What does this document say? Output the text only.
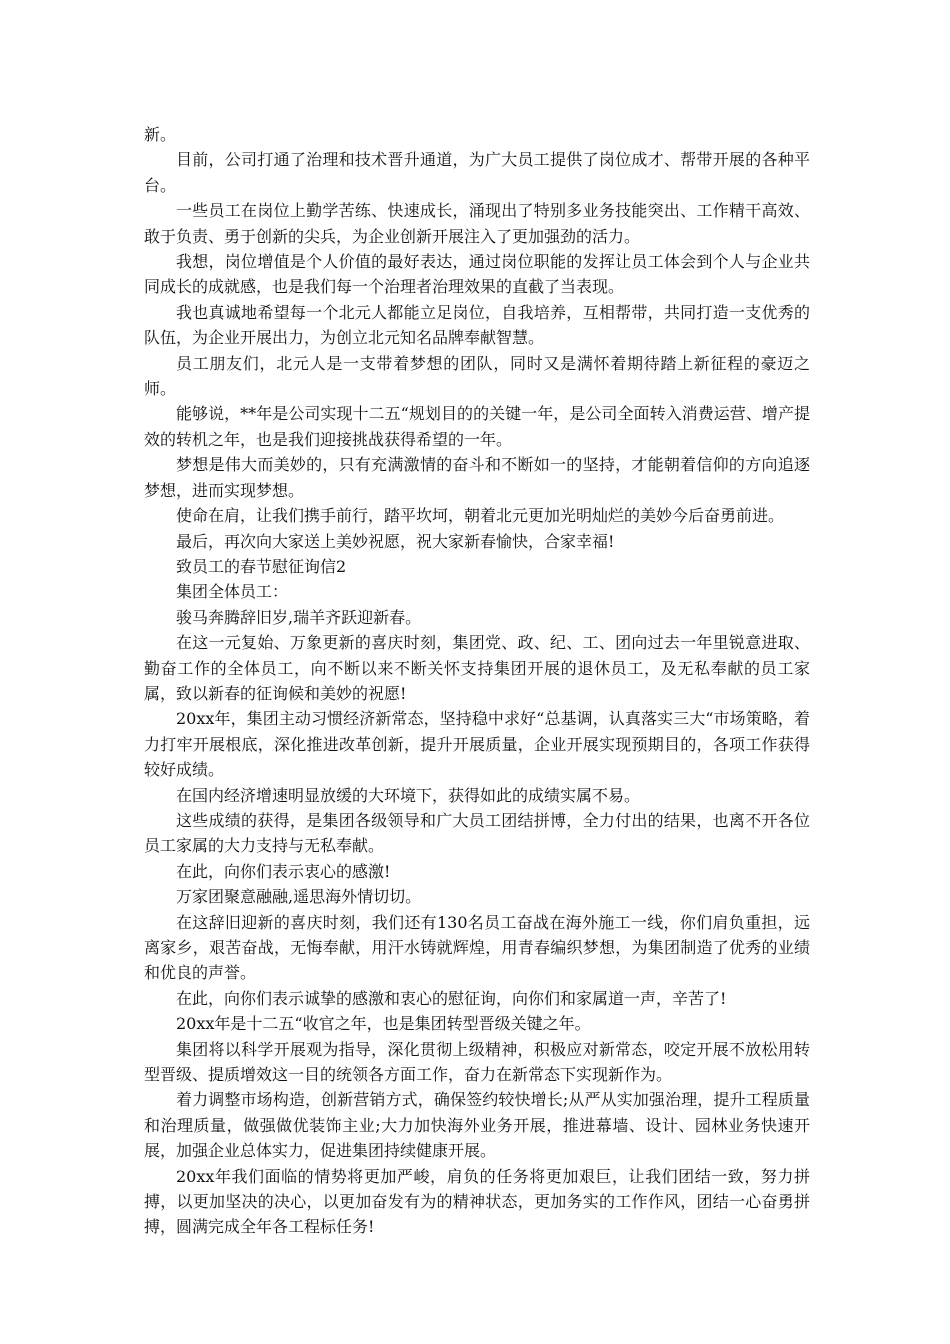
新。

目前，公司打通了治理和技术晋升通道，为广大员工提供了岗位成才、帮带开展的各种平台。

一些员工在岗位上勤学苦练、快速成长，涌现出了特别多业务技能突出、工作精干高效、敢于负责、勇于创新的尖兵，为企业创新开展注入了更加强劲的活力。

我想，岗位增值是个人价值的最好表达，通过岗位职能的发挥让员工体会到个人与企业共同成长的成就感，也是我们每一个治理者治理效果的直截了当表现。

我也真诚地希望每一个北元人都能立足岗位，自我培养，互相帮带，共同打造一支优秀的队伍，为企业开展出力，为创立北元知名品牌奉献智慧。

员工朋友们，北元人是一支带着梦想的团队，同时又是满怀着期待踏上新征程的豪迈之师。

能够说，**年是公司实现十二五“规划目的的关键一年，是公司全面转入消费运营、增产提效的转机之年，也是我们迎接挑战获得希望的一年。

梦想是伟大而美妙的，只有充满激情的奋斗和不断如一的坚持，才能朝着信仰的方向追逐梦想，进而实现梦想。

使命在肩，让我们携手前行，踏平坎坷，朝着北元更加光明灿烂的美妙今后奋勇前进。

最后，再次向大家送上美妙祝愿，祝大家新春愉快，合家幸福!

致员工的春节慰征询信2

集团全体员工：

骏马奔腾辞旧岁,瑞羊齐跃迎新春。

在这一元复始、万象更新的喜庆时刻，集团党、政、纪、工、团向过去一年里锐意进取、勤奋工作的全体员工，向不断以来不断关怀支持集团开展的退休员工，及无私奉献的员工家属，致以新春的征询候和美妙的祝愿!

20xx年，集团主动习惯经济新常态，坚持稳中求好“总基调，认真落实三大“市场策略，着力打牢开展根底，深化推进改革创新，提升开展质量，企业开展实现预期目的，各项工作获得较好成绩。

在国内经济增速明显放缓的大环境下，获得如此的成绩实属不易。

这些成绩的获得，是集团各级领导和广大员工团结拼博，全力付出的结果，也离不开各位员工家属的大力支持与无私奉献。

在此，向你们表示衷心的感激!

万家团聚意融融,遥思海外情切切。

在这辞旧迎新的喜庆时刻，我们还有130名员工奋战在海外施工一线，你们肩负重担，远离家乡，艰苦奋战，无悔奉献，用汗水铸就辉煌，用青春编织梦想，为集团制造了优秀的业绩和优良的声誉。

在此，向你们表示诚挚的感激和衷心的慰征询，向你们和家属道一声，辛苦了!

20xx年是十二五“收官之年，也是集团转型晋级关键之年。

集团将以科学开展观为指导，深化贯彻上级精神，积极应对新常态，咬定开展不放松用转型晋级、提质增效这一目的统领各方面工作，奋力在新常态下实现新作为。

着力调整市场构造，创新营销方式，确保签约较快增长;从严从实加强治理，提升工程质量和治理质量，做强做优装饰主业;大力加快海外业务开展，推进幕墙、设计、园林业务快速开展，加强企业总体实力，促进集团持续健康开展。

20xx年我们面临的情势将更加严峻，肩负的任务将更加艰巨，让我们团结一致，努力拼搏，以更加坚决的决心，以更加奋发有为的精神状态，更加务实的工作作风，团结一心奋勇拼搏，圆满完成全年各工程标任务!
